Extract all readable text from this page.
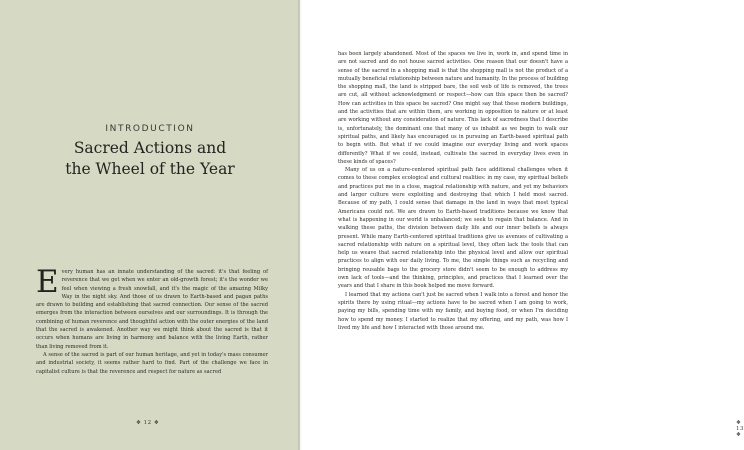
INTRODUCTION
Sacred Actions and
the Wheel of the Year

Every human has an innate understanding of the sacred: it's that feeling of reverence that we get when we enter an old-growth forest; it's the wonder we feel when viewing a fresh snowfall, and it's the magic of the amazing Milky Way in the night sky. And those of us drawn to Earth-based and pagan paths are drawn to building and establishing that sacred connection. Our sense of the sacred emerges from the interaction between ourselves and our surroundings. It is through the combining of human reverence and thoughtful action with the outer energies of the land that the sacred is awakened. Another way we might think about the sacred is that it occurs when humans are living in harmony and balance with the living Earth, rather than living removed from it.

A sense of the sacred is part of our human heritage, and yet in today's mass consumer and industrial society, it seems rather hard to find. Part of the challenge we face in capitalist culture is that the reverence and respect for nature as sacred

❖ 12 ❖	❖ 13 ❖

has been largely abandoned. Most of the spaces we live in, work in, and spend time in are not sacred and do not house sacred activities. One reason that our doesn't have a sense of the sacred in a shopping mall is that the shopping mall is not the product of a mutually beneficial relationship between nature and humanity. In the process of building the shopping mall, the land is stripped bare, the soil web of life is removed, the trees are cut, all without acknowledgment or respect—how can this space then be sacred? How can activities in this space be sacred? One might say that these modern buildings, and the activities that are within them, are working in opposition to nature or at least are working without any consideration of nature. This lack of sacredness that I describe is, unfortunately, the dominant one that many of us inhabit as we begin to walk our spiritual paths, and likely has encouraged us in pursuing an Earth-based spiritual path to begin with. But what if we could imagine our everyday living and work spaces differently? What if we could, instead, cultivate the sacred in everyday lives even in these kinds of spaces?

Many of us on a nature-centered spiritual path face additional challenges when it comes to these complex ecological and cultural realities: in my case, my spiritual beliefs and practices put me in a close, magical relationship with nature, and yet my behaviors and larger culture were exploiting and destroying that which I held most sacred. Because of my path, I could sense that damage in the land in ways that most typical Americans could not. We are drawn to Earth-based traditions because we know that what is happening in our world is unbalanced; we seek to regain that balance. And in walking these paths, the division between daily life and our inner beliefs is always present. While many Earth-centered spiritual traditions give us avenues of cultivating a sacred relationship with nature on a spiritual level, they often lack the tools that can help us weave that sacred relationship into the physical level and allow our spiritual practices to align with our daily living. To me, the simple things such as recycling and bringing reusable bags to the grocery store didn't seem to be enough to address my own lack of tools—and the thinking, principles, and practices that I learned over the years and that I share in this book helped me move forward.

I learned that my actions can't just be sacred when I walk into a forest and honor the spirits there by using ritual—my actions have to be sacred when I am going to work, paying my bills, spending time with my family, and buying food, or when I'm deciding how to spend my money. I started to realize that my offering, and my path, was how I lived my life and how I interacted with those around me.
